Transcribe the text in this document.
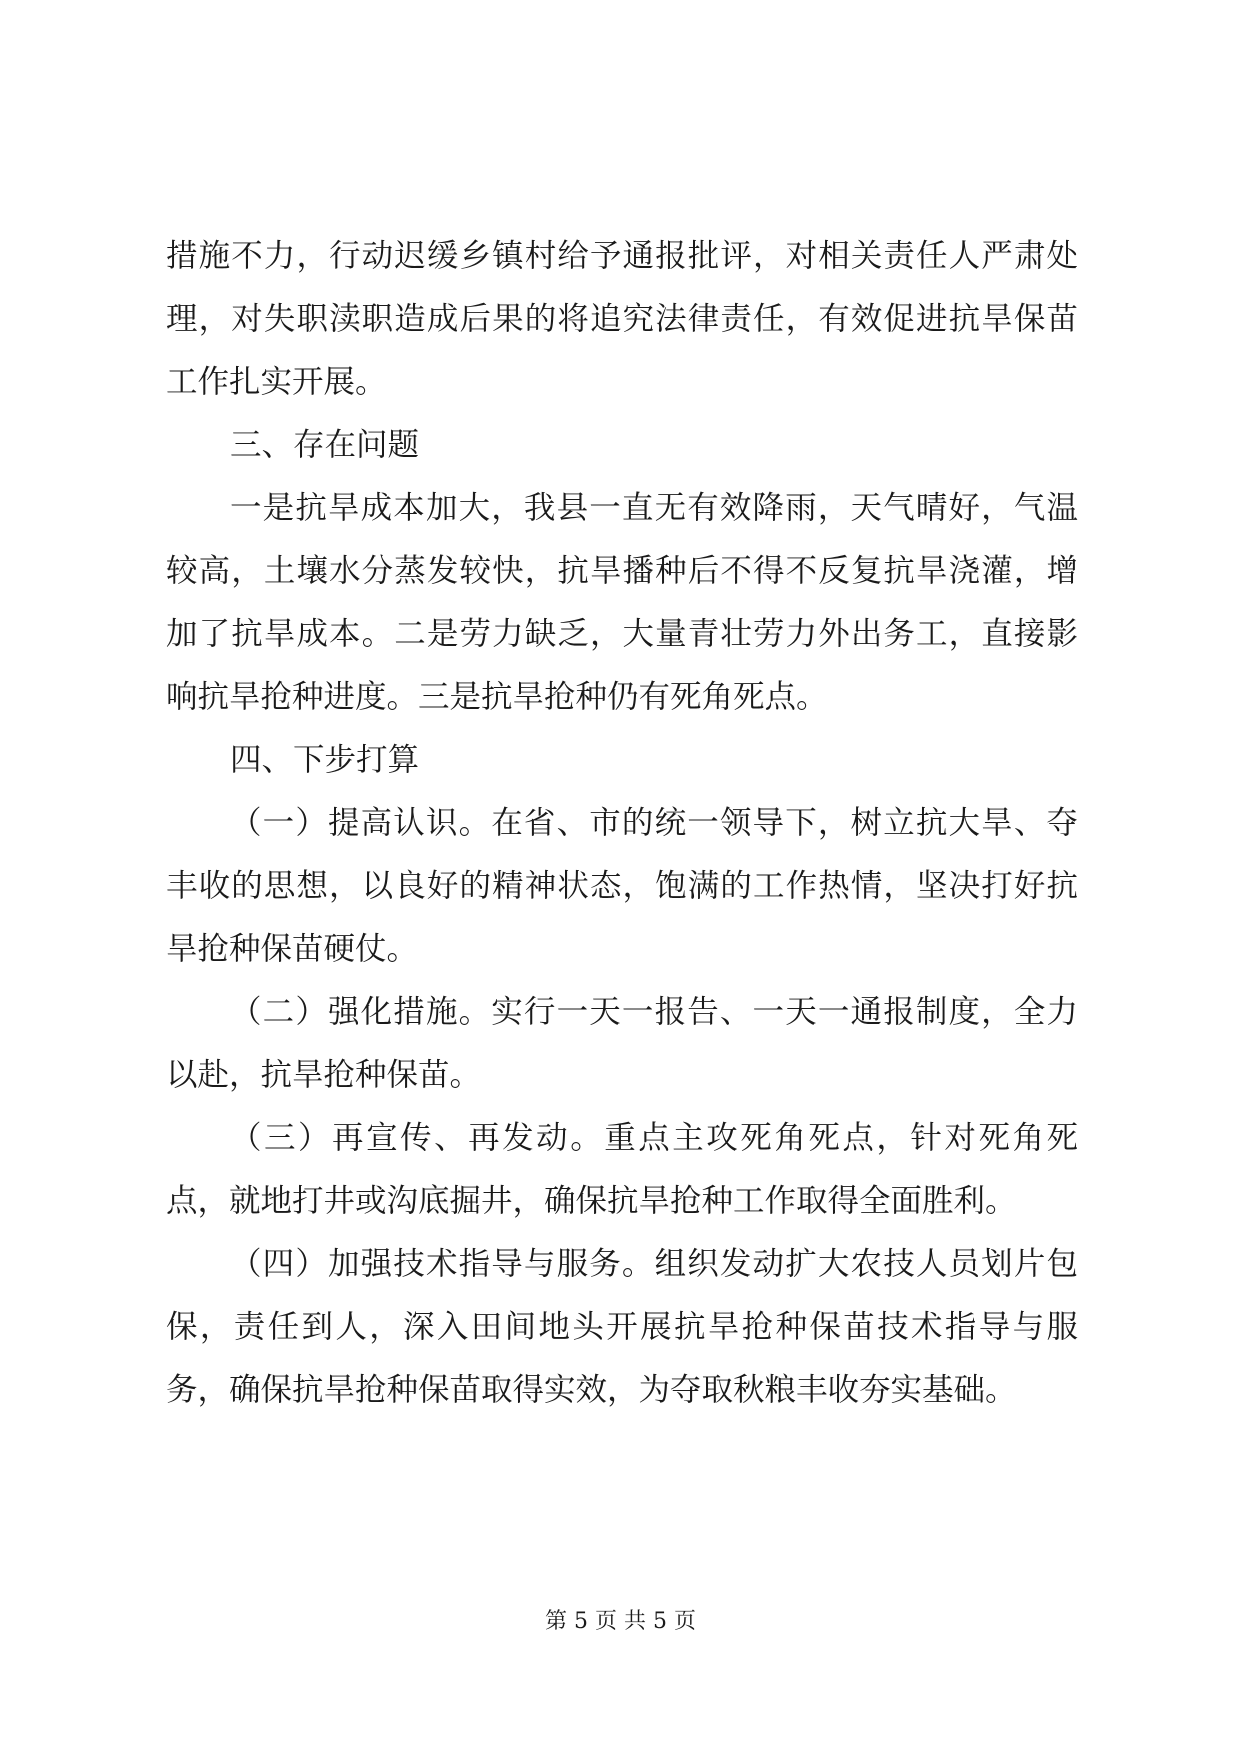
措施不力，行动迟缓乡镇村给予通报批评，对相关责任人严肃处理，对失职渎职造成后果的将追究法律责任，有效促进抗旱保苗工作扎实开展。

三、存在问题

一是抗旱成本加大，我县一直无有效降雨，天气晴好，气温较高，土壤水分蒸发较快，抗旱播种后不得不反复抗旱浇灌，增加了抗旱成本。二是劳力缺乏，大量青壮劳力外出务工，直接影响抗旱抢种进度。三是抗旱抢种仍有死角死点。

四、下步打算

（一）提高认识。在省、市的统一领导下，树立抗大旱、夺丰收的思想，以良好的精神状态，饱满的工作热情，坚决打好抗旱抢种保苗硬仗。

（二）强化措施。实行一天一报告、一天一通报制度，全力以赴，抗旱抢种保苗。

（三）再宣传、再发动。重点主攻死角死点，针对死角死点，就地打井或沟底掘井，确保抗旱抢种工作取得全面胜利。

（四）加强技术指导与服务。组织发动扩大农技人员划片包保，责任到人，深入田间地头开展抗旱抢种保苗技术指导与服务，确保抗旱抢种保苗取得实效，为夺取秋粮丰收夯实基础。

第 5 页 共 5 页
